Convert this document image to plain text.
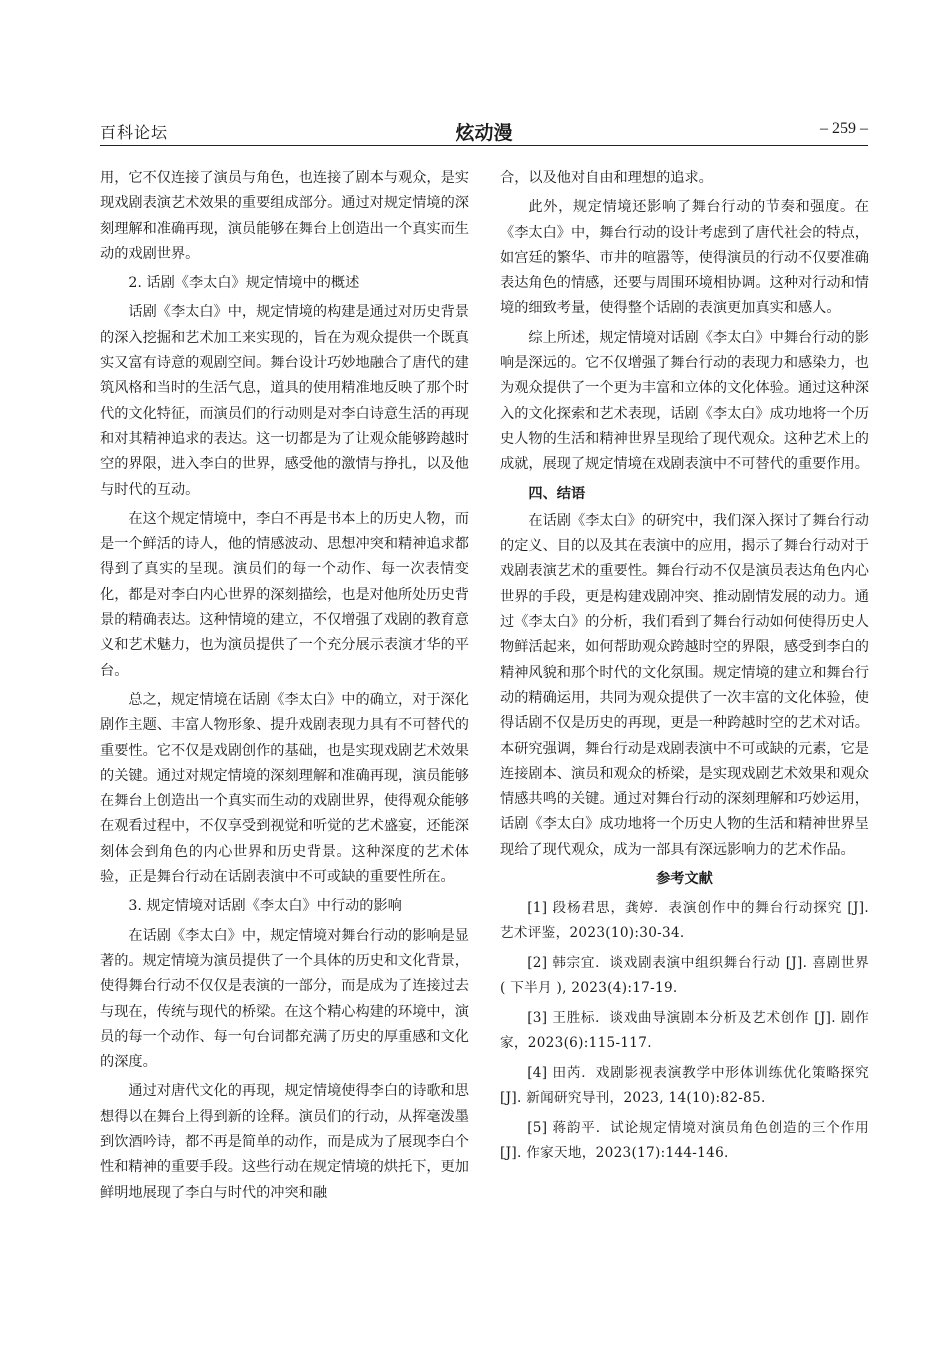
百科论坛	炫动漫	– 259 –

用，它不仅连接了演员与角色，也连接了剧本与观众，是实现戏剧表演艺术效果的重要组成部分。通过对规定情境的深刻理解和准确再现，演员能够在舞台上创造出一个真实而生动的戏剧世界。

2. 话剧《李太白》规定情境中的概述

话剧《李太白》中，规定情境的构建是通过对历史背景的深入挖掘和艺术加工来实现的，旨在为观众提供一个既真实又富有诗意的观剧空间。舞台设计巧妙地融合了唐代的建筑风格和当时的生活气息，道具的使用精准地反映了那个时代的文化特征，而演员们的行动则是对李白诗意生活的再现和对其精神追求的表达。这一切都是为了让观众能够跨越时空的界限，进入李白的世界，感受他的激情与挣扎，以及他与时代的互动。

在这个规定情境中，李白不再是书本上的历史人物，而是一个鲜活的诗人，他的情感波动、思想冲突和精神追求都得到了真实的呈现。演员们的每一个动作、每一次表情变化，都是对李白内心世界的深刻描绘，也是对他所处历史背景的精确表达。这种情境的建立，不仅增强了戏剧的教育意义和艺术魅力，也为演员提供了一个充分展示表演才华的平台。

总之，规定情境在话剧《李太白》中的确立，对于深化剧作主题、丰富人物形象、提升戏剧表现力具有不可替代的重要性。它不仅是戏剧创作的基础，也是实现戏剧艺术效果的关键。通过对规定情境的深刻理解和准确再现，演员能够在舞台上创造出一个真实而生动的戏剧世界，使得观众能够在观看过程中，不仅享受到视觉和听觉的艺术盛宴，还能深刻体会到角色的内心世界和历史背景。这种深度的艺术体验，正是舞台行动在话剧表演中不可或缺的重要性所在。

3. 规定情境对话剧《李太白》中行动的影响

在话剧《李太白》中，规定情境对舞台行动的影响是显著的。规定情境为演员提供了一个具体的历史和文化背景，使得舞台行动不仅仅是表演的一部分，而是成为了连接过去与现在，传统与现代的桥梁。在这个精心构建的环境中，演员的每一个动作、每一句台词都充满了历史的厚重感和文化的深度。

通过对唐代文化的再现，规定情境使得李白的诗歌和思想得以在舞台上得到新的诠释。演员们的行动，从挥毫泼墨到饮酒吟诗，都不再是简单的动作，而是成为了展现李白个性和精神的重要手段。这些行动在规定情境的烘托下，更加鲜明地展现了李白与时代的冲突和融

合，以及他对自由和理想的追求。

此外，规定情境还影响了舞台行动的节奏和强度。在《李太白》中，舞台行动的设计考虑到了唐代社会的特点，如宫廷的繁华、市井的喧嚣等，使得演员的行动不仅要准确表达角色的情感，还要与周围环境相协调。这种对行动和情境的细致考量，使得整个话剧的表演更加真实和感人。

综上所述，规定情境对话剧《李太白》中舞台行动的影响是深远的。它不仅增强了舞台行动的表现力和感染力，也为观众提供了一个更为丰富和立体的文化体验。通过这种深入的文化探索和艺术表现，话剧《李太白》成功地将一个历史人物的生活和精神世界呈现给了现代观众。这种艺术上的成就，展现了规定情境在戏剧表演中不可替代的重要作用。

四、结语

在话剧《李太白》的研究中，我们深入探讨了舞台行动的定义、目的以及其在表演中的应用，揭示了舞台行动对于戏剧表演艺术的重要性。舞台行动不仅是演员表达角色内心世界的手段，更是构建戏剧冲突、推动剧情发展的动力。通过《李太白》的分析，我们看到了舞台行动如何使得历史人物鲜活起来，如何帮助观众跨越时空的界限，感受到李白的精神风貌和那个时代的文化氛围。规定情境的建立和舞台行动的精确运用，共同为观众提供了一次丰富的文化体验，使得话剧不仅是历史的再现，更是一种跨越时空的艺术对话。本研究强调，舞台行动是戏剧表演中不可或缺的元素，它是连接剧本、演员和观众的桥梁，是实现戏剧艺术效果和观众情感共鸣的关键。通过对舞台行动的深刻理解和巧妙运用，话剧《李太白》成功地将一个历史人物的生活和精神世界呈现给了现代观众，成为一部具有深远影响力的艺术作品。

参考文献

[1] 段杨君思，龚婷．表演创作中的舞台行动探究 [J]. 艺术评鉴，2023(10):30-34.

[2] 韩宗宜．谈戏剧表演中组织舞台行动 [J]. 喜剧世界 ( 下半月 ), 2023(4):17-19.

[3] 王胜标．谈戏曲导演剧本分析及艺术创作 [J]. 剧作家，2023(6):115-117.

[4] 田芮．戏剧影视表演教学中形体训练优化策略探究 [J]. 新闻研究导刊，2023, 14(10):82-85.

[5] 蒋韵平．试论规定情境对演员角色创造的三个作用 [J]. 作家天地，2023(17):144-146.
